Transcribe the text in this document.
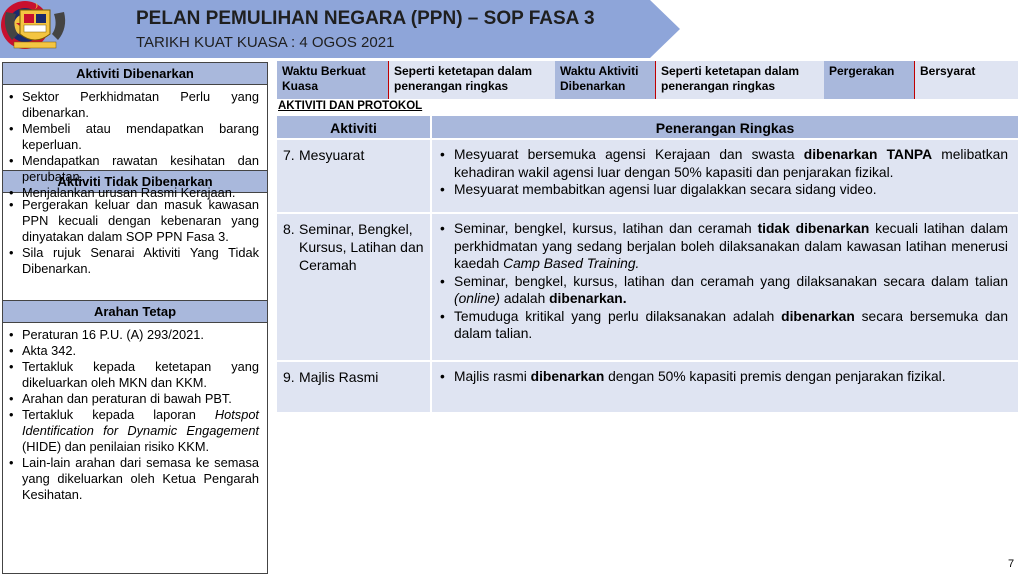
PELAN PEMULIHAN NEGARA (PPN) – SOP FASA 3
TARIKH KUAT KUASA : 4 OGOS 2021
Aktiviti Dibenarkan
• Sektor Perkhidmatan Perlu yang dibenarkan.
• Membeli atau mendapatkan barang keperluan.
• Mendapatkan rawatan kesihatan dan perubatan.
• Menjalankan urusan Rasmi Kerajaan.
Aktiviti Tidak Dibenarkan
• Pergerakan keluar dan masuk kawasan PPN kecuali dengan kebenaran yang dinyatakan dalam SOP PPN Fasa 3.
• Sila rujuk Senarai Aktiviti Yang Tidak Dibenarkan.
Arahan Tetap
• Peraturan 16 P.U. (A) 293/2021.
• Akta 342.
• Tertakluk kepada ketetapan yang dikeluarkan oleh MKN dan KKM.
• Arahan dan peraturan di bawah PBT.
• Tertakluk kepada laporan Hotspot Identification for Dynamic Engagement (HIDE) dan penilaian risiko KKM.
• Lain-lain arahan dari semasa ke semasa yang dikeluarkan oleh Ketua Pengarah Kesihatan.
Waktu Berkuat Kuasa
Seperti ketetapan dalam penerangan ringkas
Waktu Aktiviti Dibenarkan
Seperti ketetapan dalam penerangan ringkas
Pergerakan	Bersyarat
AKTIVITI DAN PROTOKOL
Aktiviti	Penerangan Ringkas
7. Mesyuarat	• Mesyuarat bersemuka agensi Kerajaan dan swasta dibenarkan TANPA melibatkan kehadiran wakil agensi luar dengan 50% kapasiti dan penjarakan fizikal.
• Mesyuarat membabitkan agensi luar digalakkan secara sidang video.
8. Seminar, Bengkel, Kursus, Latihan dan Ceramah
• Seminar, bengkel, kursus, latihan dan ceramah tidak dibenarkan kecuali latihan dalam perkhidmatan yang sedang berjalan boleh dilaksanakan dalam kawasan latihan menerusi kaedah Camp Based Training.
• Seminar, bengkel, kursus, latihan dan ceramah yang dilaksanakan secara dalam talian (online) adalah dibenarkan.
• Temuduga kritikal yang perlu dilaksanakan adalah dibenarkan secara bersemuka dan dalam talian.
9. Majlis Rasmi	• Majlis rasmi dibenarkan dengan 50% kapasiti premis dengan penjarakan fizikal.
7
